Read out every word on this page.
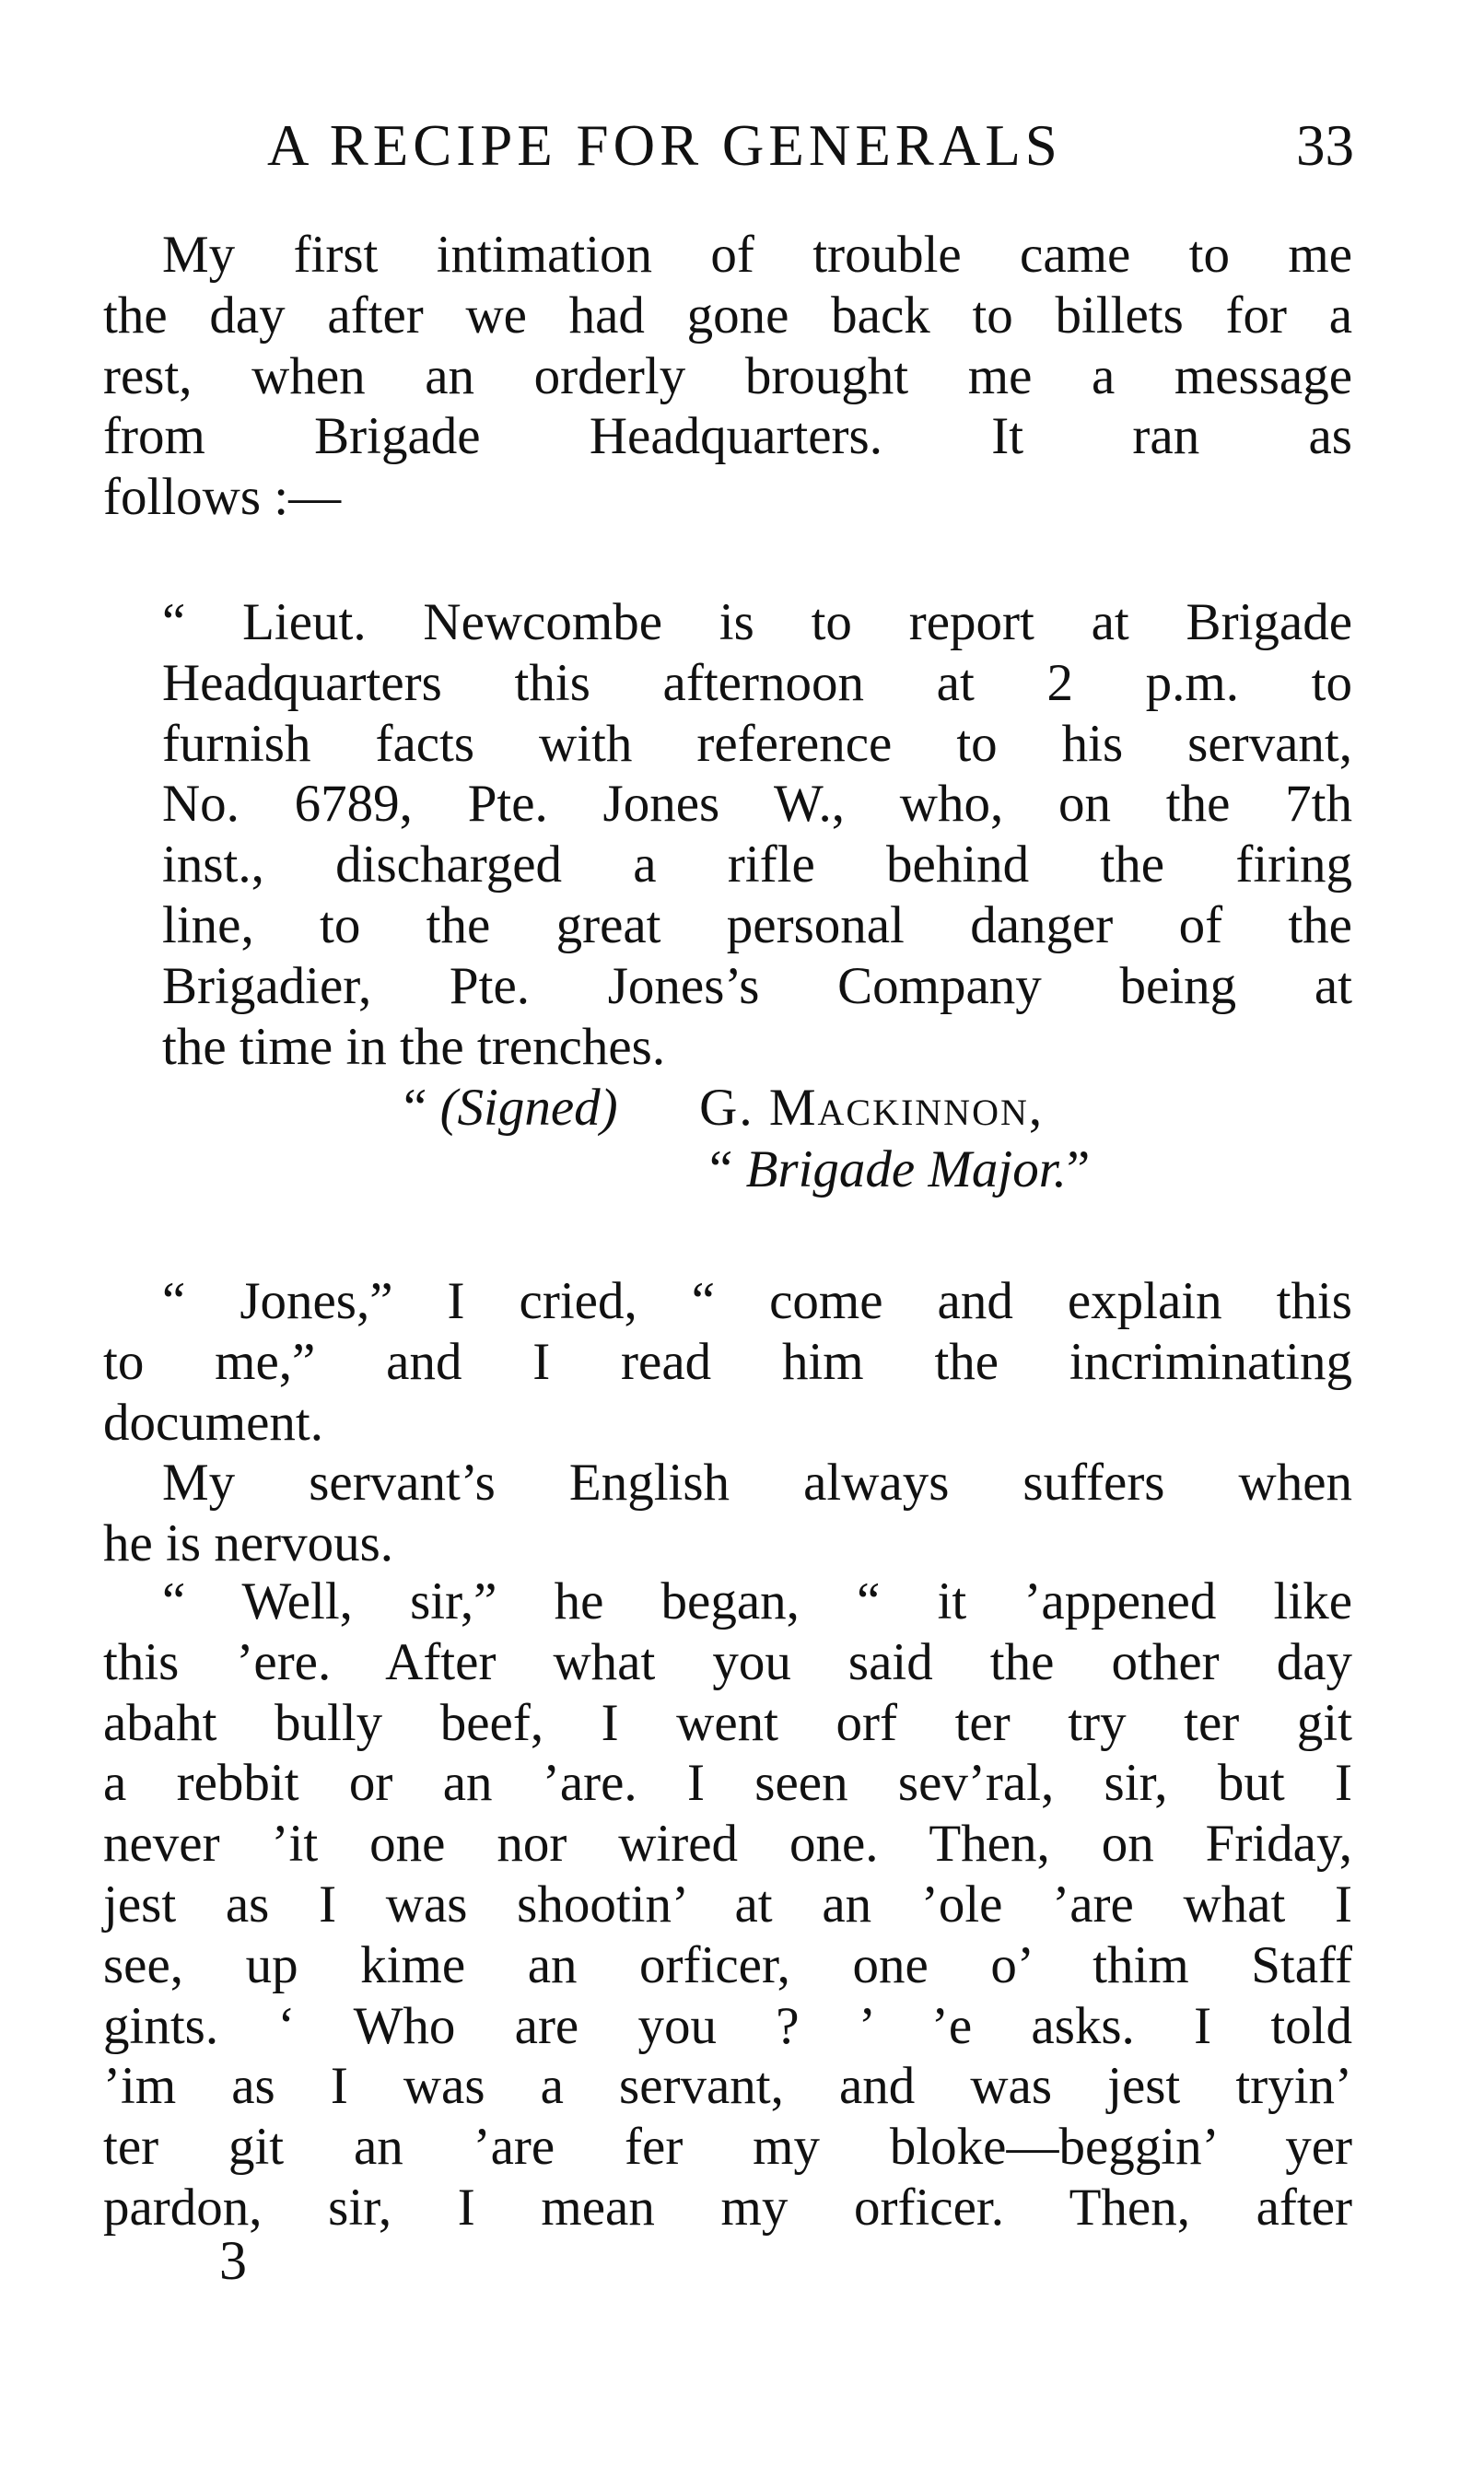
A RECIPE FOR GENERALS	33
My first intimation of trouble came to me
the day after we had gone back to billets for a
rest, when an orderly brought me a message
from Brigade Headquarters. It ran as
follows :—
“ Lieut. Newcombe is to report at Brigade
Headquarters this afternoon at 2 p.m. to
furnish facts with reference to his servant,
No. 6789, Pte. Jones W., who, on the 7th
inst., discharged a rifle behind the firing
line, to the great personal danger of the
Brigadier, Pte. Jones’s Company being at
the time in the trenches.
“ (Signed) G. Mackinnon,
“ Brigade Major.”
“ Jones,” I cried, “ come and explain this
to me,” and I read him the incriminating
document.
My servant’s English always suffers when
he is nervous.
“ Well, sir,” he began, “ it ’appened like
this ’ere. After what you said the other day
abaht bully beef, I went orf ter try ter git
a rebbit or an ’are. I seen sev’ral, sir, but I
never ’it one nor wired one. Then, on Friday,
jest as I was shootin’ at an ’ole ’are what I
see, up kime an orficer, one o’ thim Staff
gints. ‘ Who are you ? ’ ’e asks. I told
’im as I was a servant, and was jest tryin’
ter git an ’are fer my bloke—beggin’ yer
pardon, sir, I mean my orficer. Then, after
3
